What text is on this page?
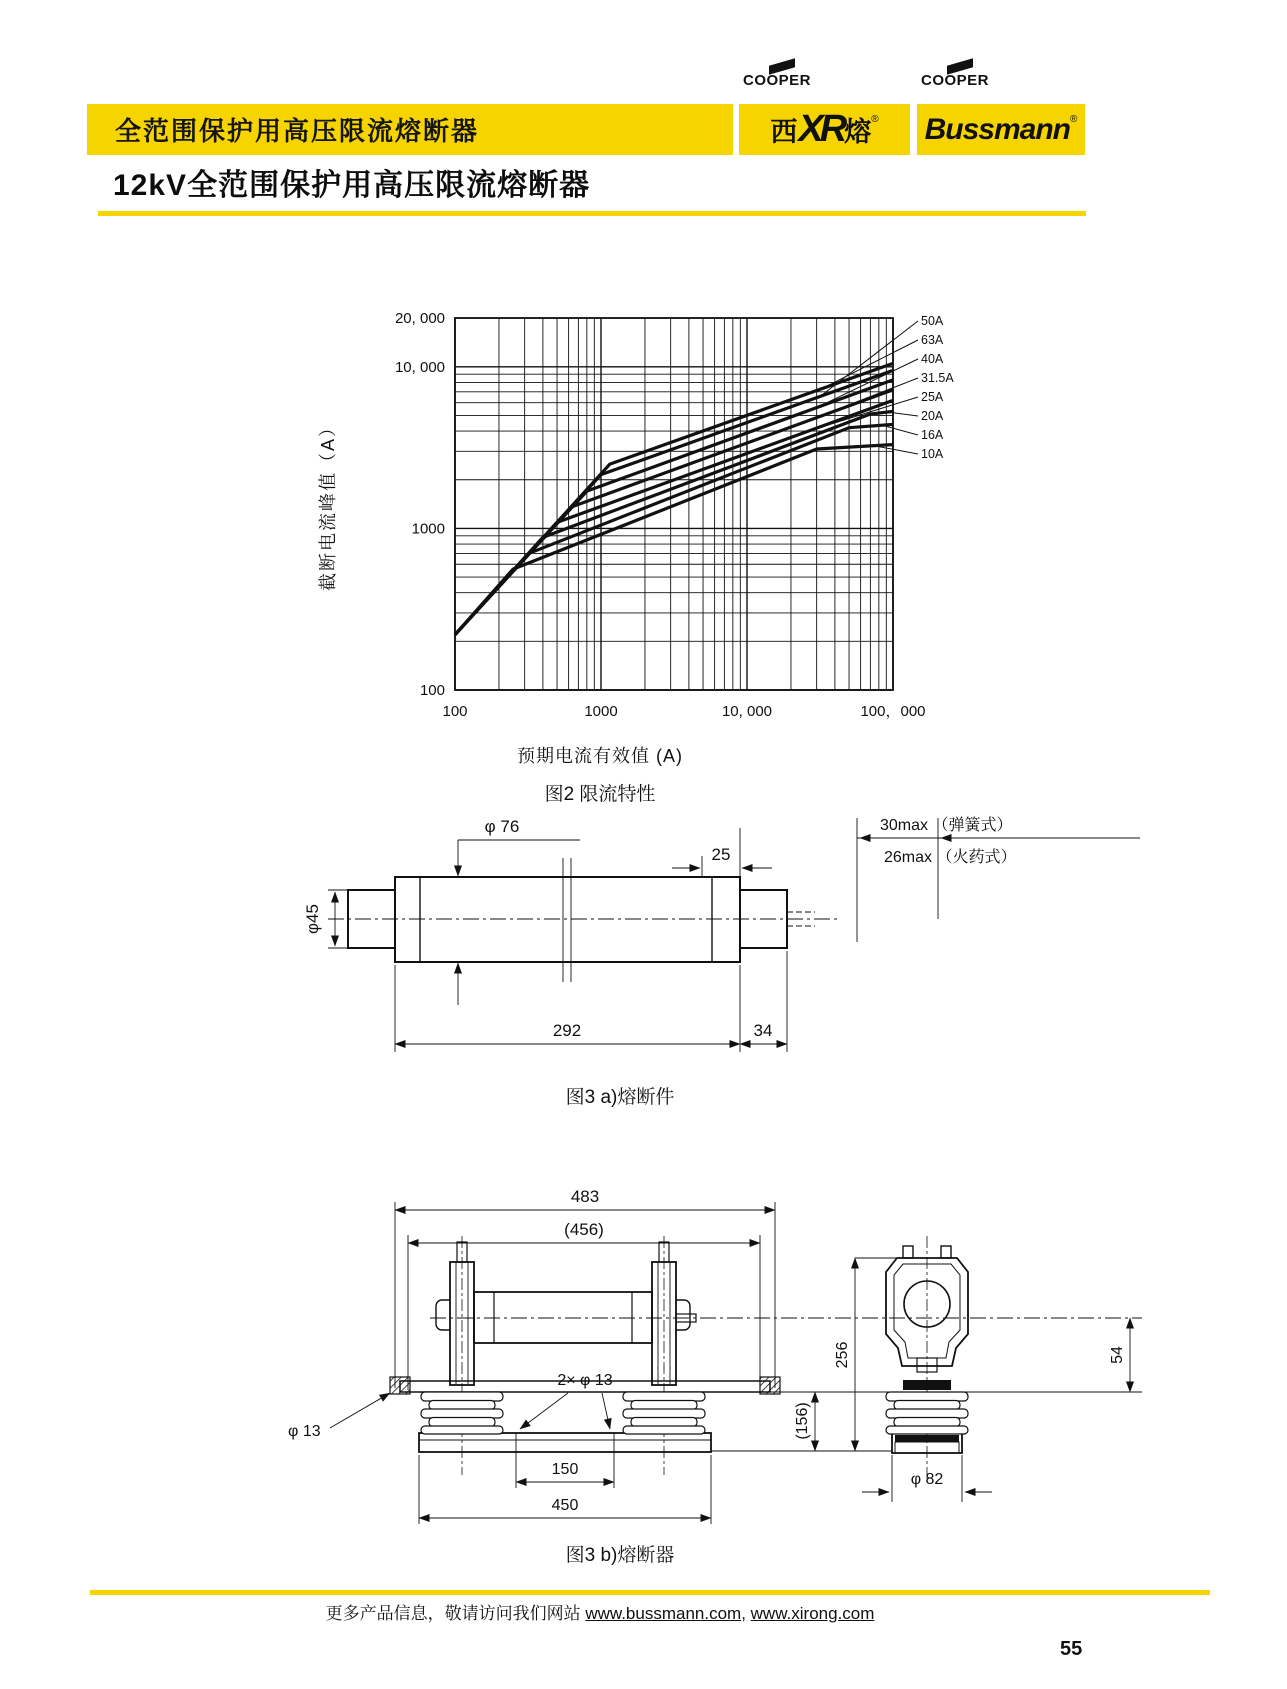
全范围保护用高压限流熔断器
COOPER	COOPER
西 XR 熔 ® Bussmann ®
12kV全范围保护用高压限流熔断器
100
1000
10, 000
20, 000
100	1000	10, 000	100，000
截断电流峰值（A）
50A
63A
40A
31.5A
25A
20A
16A
10A
预期电流有效值 (A)
图2 限流特性
φ 76
25
30max （弹簧式）
26max （火药式）
φ45
292	34
图3 a)熔断件
483
(456)
2× φ 13
φ 13
150
450
256
(156)
54
φ 82
图3 b)熔断器
更多产品信息，敬请访问我们网站 www.bussmann.com, www.xirong.com
55
